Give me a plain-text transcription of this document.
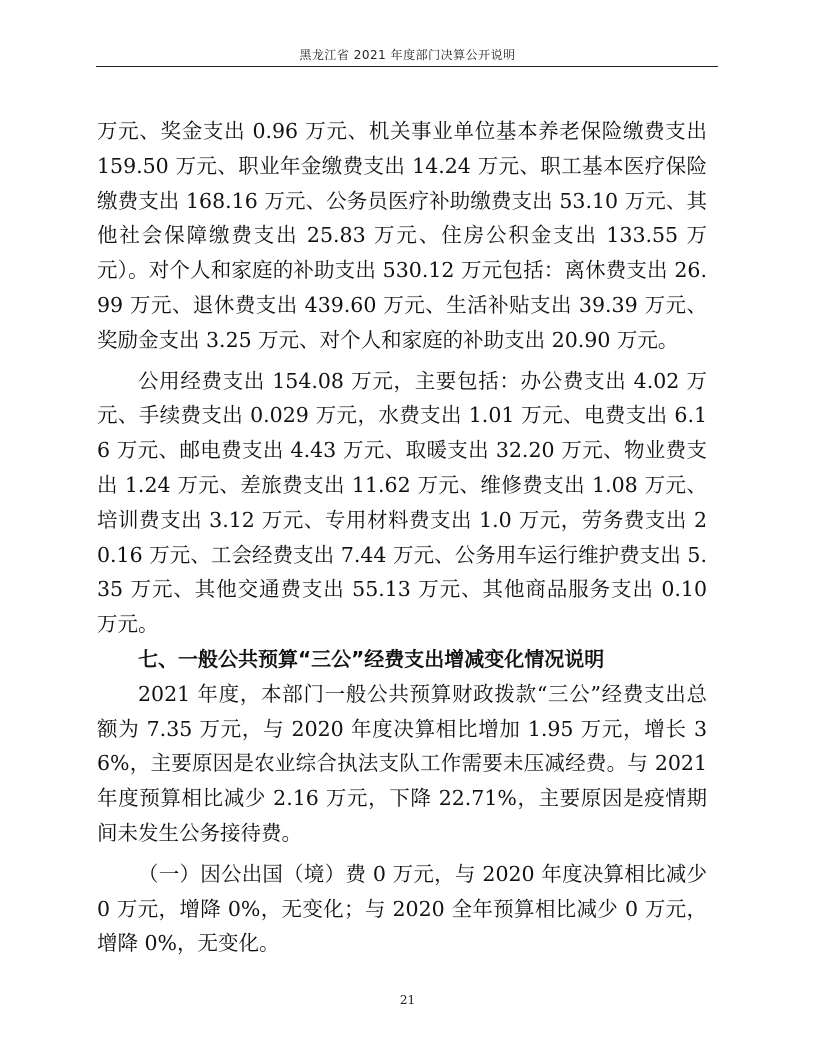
黑龙江省 2021 年度部门决算公开说明

万元、奖金支出 0.96 万元、机关事业单位基本养老保险缴费支出 159.50 万元、职业年金缴费支出 14.24 万元、职工基本医疗保险缴费支出 168.16 万元、公务员医疗补助缴费支出 53.10 万元、其他社会保障缴费支出 25.83 万元、住房公积金支出 133.55 万元）。对个人和家庭的补助支出 530.12 万元包括：离休费支出 26.99 万元、退休费支出 439.60 万元、生活补贴支出 39.39 万元、奖励金支出 3.25 万元、对个人和家庭的补助支出 20.90 万元。

公用经费支出 154.08 万元，主要包括：办公费支出 4.02 万元、手续费支出 0.029 万元，水费支出 1.01 万元、电费支出 6.16 万元、邮电费支出 4.43 万元、取暖支出 32.20 万元、物业费支出 1.24 万元、差旅费支出 11.62 万元、维修费支出 1.08 万元、培训费支出 3.12 万元、专用材料费支出 1.0 万元，劳务费支出 20.16 万元、工会经费支出 7.44 万元、公务用车运行维护费支出 5.35 万元、其他交通费支出 55.13 万元、其他商品服务支出 0.10 万元。

七、一般公共预算“三公”经费支出增减变化情况说明

2021 年度，本部门一般公共预算财政拨款“三公”经费支出总额为 7.35 万元，与 2020 年度决算相比增加 1.95 万元，增长 36%，主要原因是农业综合执法支队工作需要未压减经费。与 2021 年度预算相比减少 2.16 万元，下降 22.71%，主要原因是疫情期间未发生公务接待费。

（一）因公出国（境）费 0 万元，与 2020 年度决算相比减少 0 万元，增降 0%，无变化；与 2020 全年预算相比减少 0 万元，增降 0%，无变化。

21
